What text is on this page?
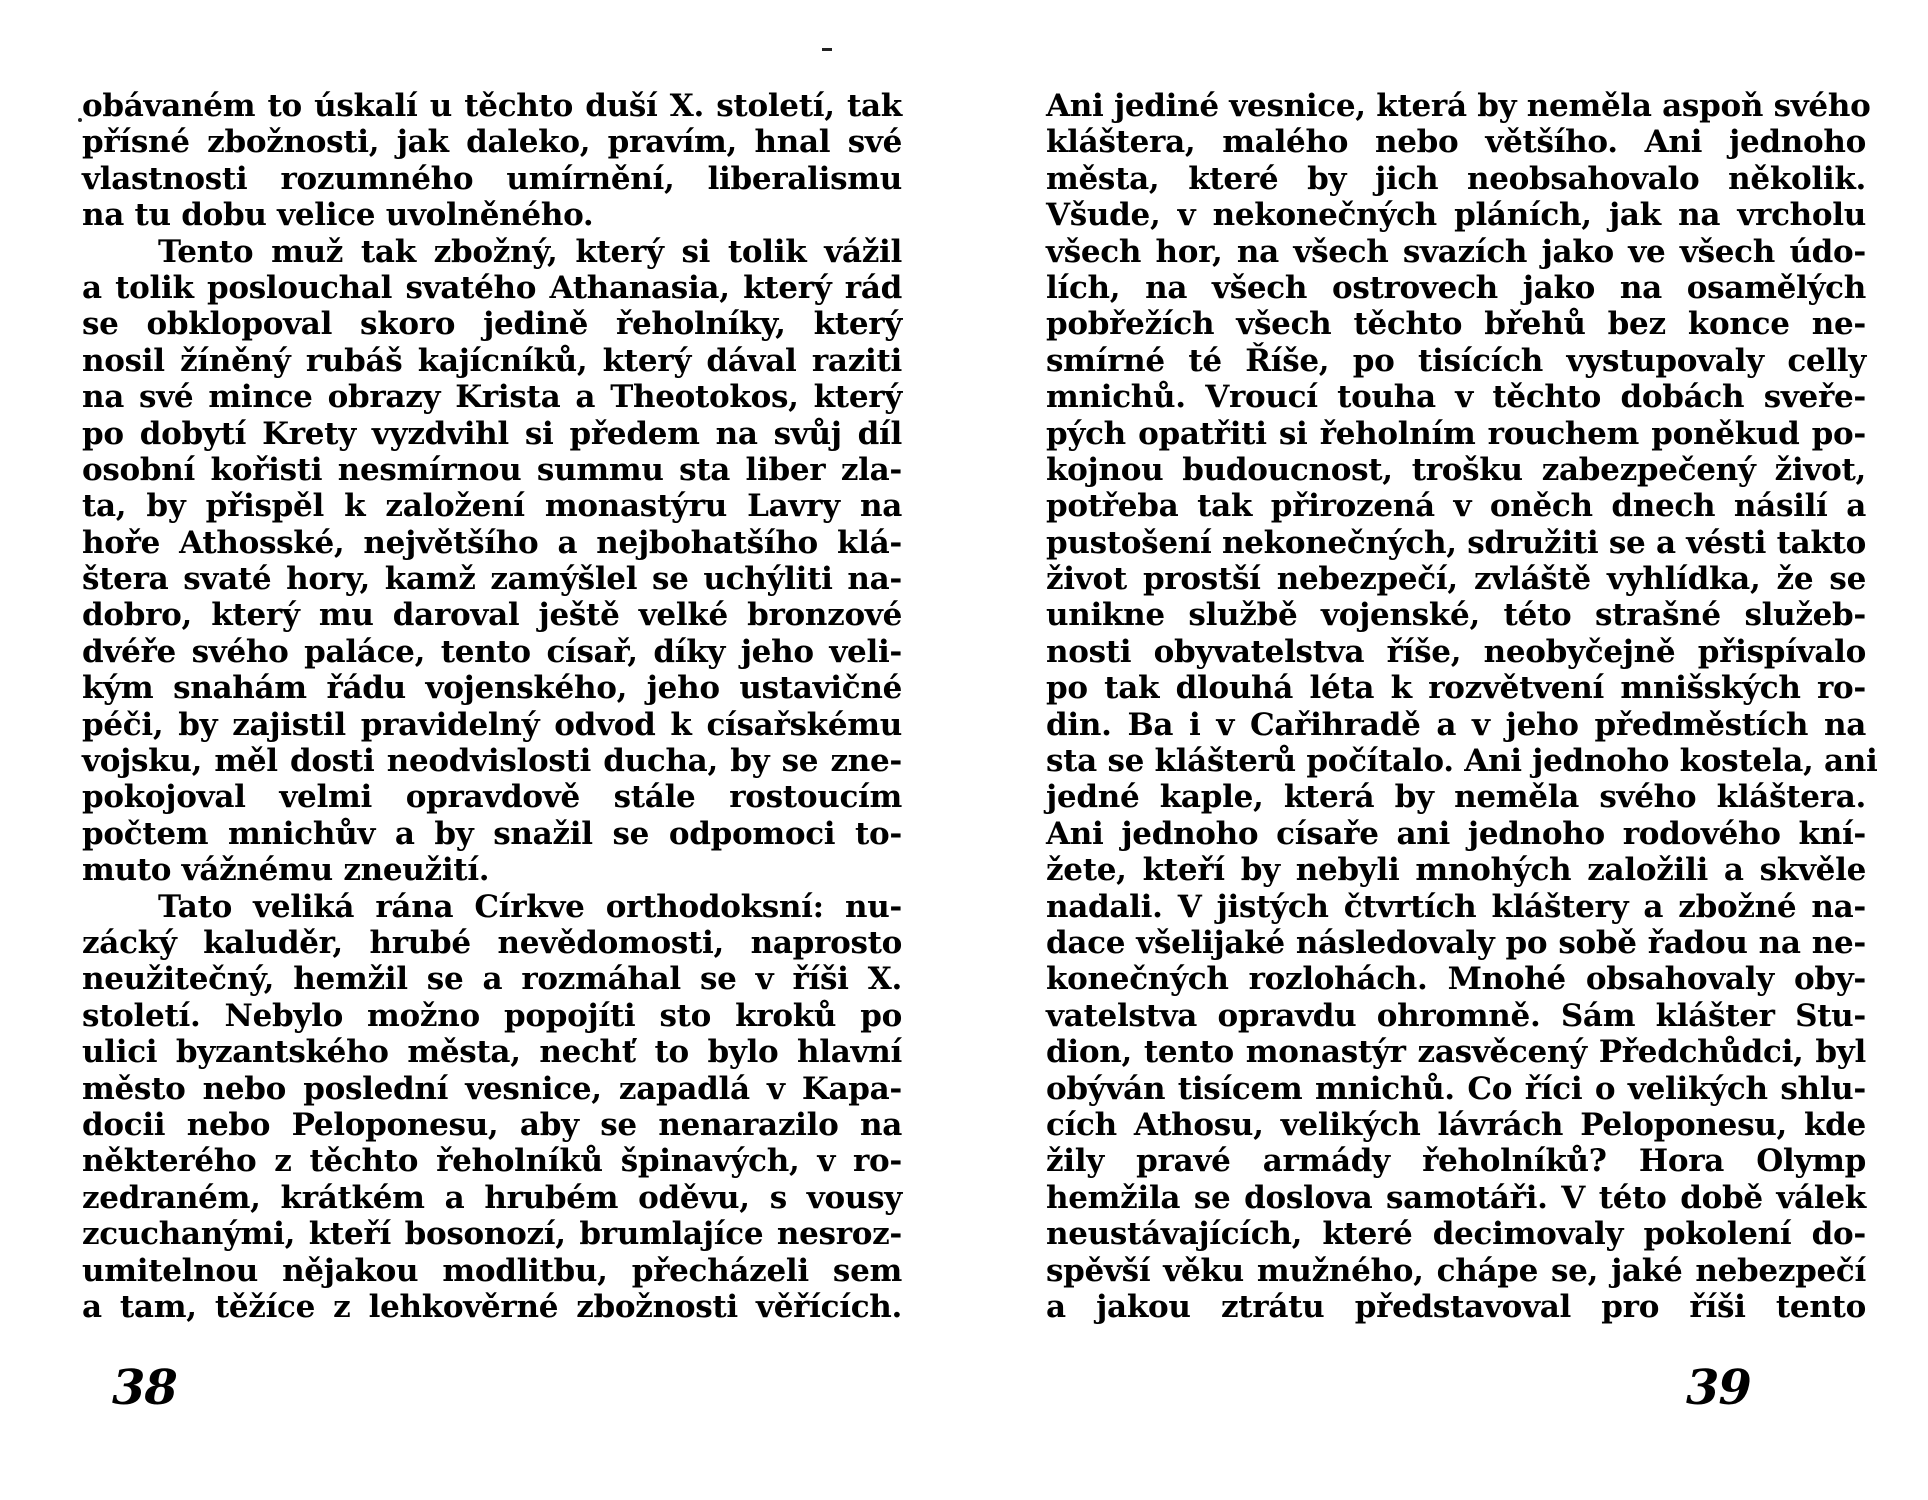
obávaném to úskalí u těchto duší X. století, tak
přísné zbožnosti, jak daleko, pravím, hnal své
vlastnosti rozumného umírnění, liberalismu
na tu dobu velice uvolněného.
Tento muž tak zbožný, který si tolik vážil
a tolik poslouchal svatého Athanasia, který rád
se obklopoval skoro jedině řeholníky, který
nosil žíněný rubáš kajícníků, který dával raziti
na své mince obrazy Krista a Theotokos, který
po dobytí Krety vyzdvihl si předem na svůj díl
osobní kořisti nesmírnou summu sta liber zla-
ta, by přispěl k založení monastýru Lavry na
hoře Athosské, největšího a nejbohatšího klá-
štera svaté hory, kamž zamýšlel se uchýliti na-
dobro, který mu daroval ještě velké bronzové
dvéře svého paláce, tento císař, díky jeho veli-
kým snahám řádu vojenského, jeho ustavičné
péči, by zajistil pravidelný odvod k císařskému
vojsku, měl dosti neodvislosti ducha, by se zne-
pokojoval velmi opravdově stále rostoucím
počtem mnichův a by snažil se odpomoci to-
muto vážnému zneužití.
Tato veliká rána Církve orthodoksní: nu-
zácký kaluděr, hrubé nevědomosti, naprosto
neužitečný, hemžil se a rozmáhal se v říši X.
století. Nebylo možno popojíti sto kroků po
ulici byzantského města, nechť to bylo hlavní
město nebo poslední vesnice, zapadlá v Kapa-
docii nebo Peloponesu, aby se nenarazilo na
některého z těchto řeholníků špinavých, v ro-
zedraném, krátkém a hrubém oděvu, s vousy
zcuchanými, kteří bosonozí, brumlajíce nesroz-
umitelnou nějakou modlitbu, přecházeli sem
a tam, těžíce z lehkověrné zbožnosti věřících.
Ani jediné vesnice, která by neměla aspoň svého
kláštera, malého nebo většího. Ani jednoho
města, které by jich neobsahovalo několik.
Všude, v nekonečných pláních, jak na vrcholu
všech hor, na všech svazích jako ve všech údo-
lích, na všech ostrovech jako na osamělých
pobřežích všech těchto břehů bez konce ne-
smírné té Říše, po tisících vystupovaly celly
mnichů. Vroucí touha v těchto dobách sveře-
pých opatřiti si řeholním rouchem poněkud po-
kojnou budoucnost, trošku zabezpečený život,
potřeba tak přirozená v oněch dnech násilí a
pustošení nekonečných, sdružiti se a vésti takto
život prostší nebezpečí, zvláště vyhlídka, že se
unikne službě vojenské, této strašné služeb-
nosti obyvatelstva říše, neobyčejně přispívalo
po tak dlouhá léta k rozvětvení mnišských ro-
din. Ba i v Cařihradě a v jeho předměstích na
sta se klášterů počítalo. Ani jednoho kostela, ani
jedné kaple, která by neměla svého kláštera.
Ani jednoho císaře ani jednoho rodového kní-
žete, kteří by nebyli mnohých založili a skvěle
nadali. V jistých čtvrtích kláštery a zbožné na-
dace všelijaké následovaly po sobě řadou na ne-
konečných rozlohách. Mnohé obsahovaly oby-
vatelstva opravdu ohromně. Sám klášter Stu-
dion, tento monastýr zasvěcený Předchůdci, byl
obýván tisícem mnichů. Co říci o velikých shlu-
cích Athosu, velikých lávrách Peloponesu, kde
žily pravé armády řeholníků? Hora Olymp
hemžila se doslova samotáři. V této době válek
neustávajících, které decimovaly pokolení do-
spěvší věku mužného, chápe se, jaké nebezpečí
a jakou ztrátu představoval pro říši tento
38	39
